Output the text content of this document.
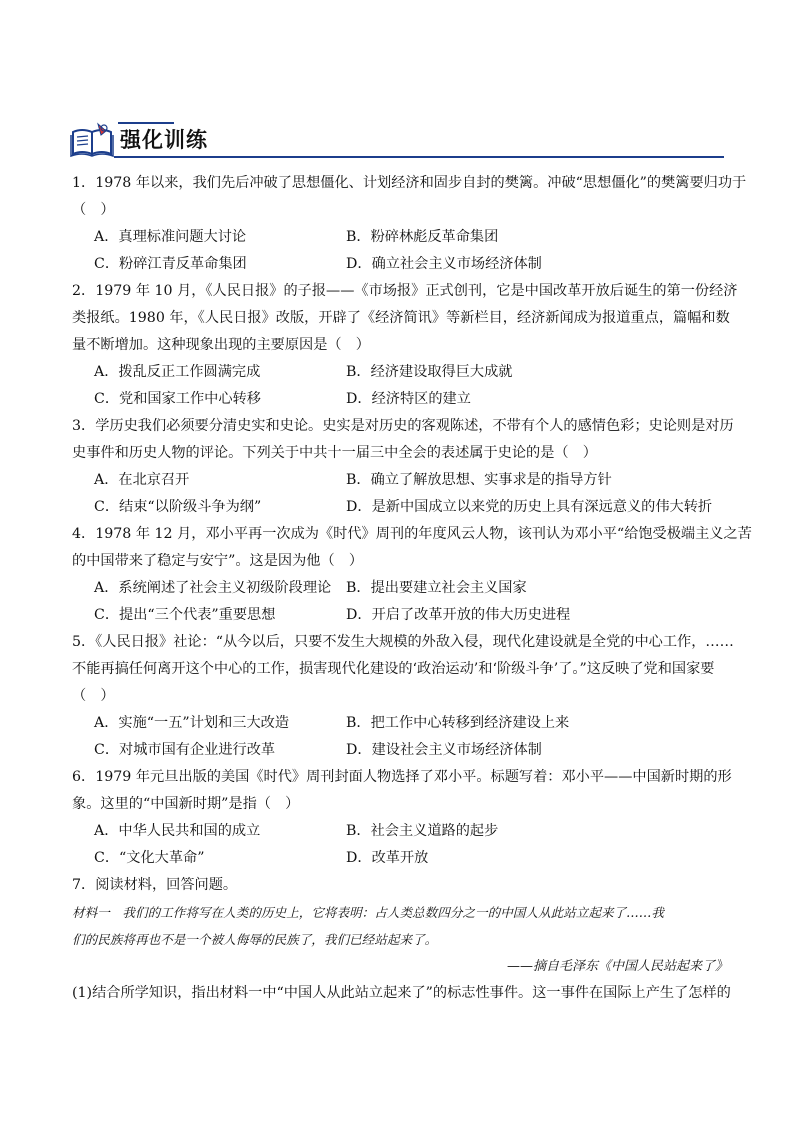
强化训练
1．1978 年以来，我们先后冲破了思想僵化、计划经济和固步自封的樊篱。冲破“思想僵化”的樊篱要归功于
（　）
A．真理标准问题大讨论	B．粉碎林彪反革命集团
C．粉碎江青反革命集团	D．确立社会主义市场经济体制
2．1979 年 10 月，《人民日报》的子报——《市场报》正式创刊，它是中国改革开放后诞生的第一份经济
类报纸。1980 年，《人民日报》改版，开辟了《经济简讯》等新栏目，经济新闻成为报道重点，篇幅和数
量不断增加。这种现象出现的主要原因是（　）
A．拨乱反正工作圆满完成	B．经济建设取得巨大成就
C．党和国家工作中心转移	D．经济特区的建立
3．学历史我们必须要分清史实和史论。史实是对历史的客观陈述，不带有个人的感情色彩；史论则是对历
史事件和历史人物的评论。下列关于中共十一届三中全会的表述属于史论的是（　）
A．在北京召开	B．确立了解放思想、实事求是的指导方针
C．结束“以阶级斗争为纲”	D．是新中国成立以来党的历史上具有深远意义的伟大转折
4．1978 年 12 月，邓小平再一次成为《时代》周刊的年度风云人物，该刊认为邓小平“给饱受极端主义之苦
的中国带来了稳定与安宁”。这是因为他（　）
A．系统阐述了社会主义初级阶段理论 B．提出要建立社会主义国家
C．提出“三个代表”重要思想	D．开启了改革开放的伟大历史进程
5．《人民日报》社论：“从今以后，只要不发生大规模的外敌入侵，现代化建设就是全党的中心工作，……
不能再搞任何离开这个中心的工作，损害现代化建设的‘政治运动’和‘阶级斗争’了。”这反映了党和国家要
（　）
A．实施“一五”计划和三大改造	B．把工作中心转移到经济建设上来
C．对城市国有企业进行改革	D．建设社会主义市场经济体制
6．1979 年元旦出版的美国《时代》周刊封面人物选择了邓小平。标题写着：邓小平——中国新时期的形
象。这里的“中国新时期”是指（　）
A．中华人民共和国的成立	B．社会主义道路的起步
C．“文化大革命”	D．改革开放
7．阅读材料，回答问题。
材料一　我们的工作将写在人类的历史上，它将表明：占人类总数四分之一的中国人从此站立起来了……我
们的民族将再也不是一个被人侮辱的民族了，我们已经站起来了。
——摘自毛泽东《中国人民站起来了》
(1)结合所学知识，指出材料一中“中国人从此站立起来了”的标志性事件。这一事件在国际上产生了怎样的
